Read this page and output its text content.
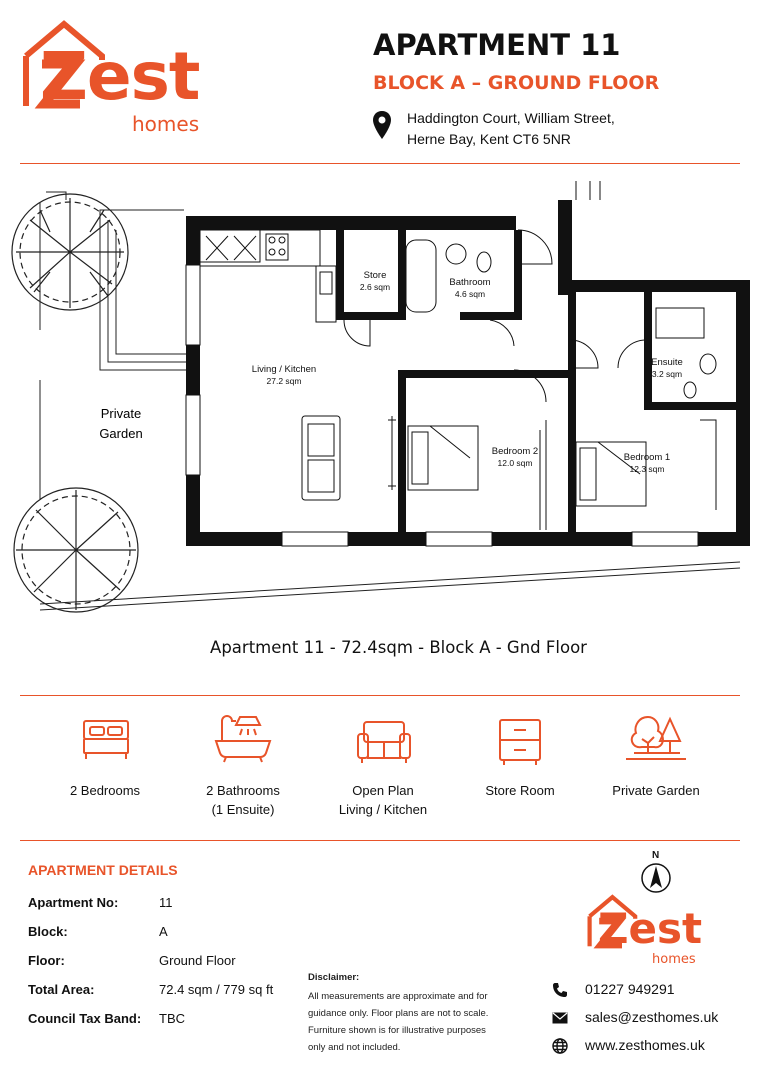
Zest
homes
APARTMENT 11
BLOCK A – GROUND FLOOR
Haddington Court, William Street,
Herne Bay, Kent CT6 5NR
Private
Garden
Store
2.6 sqm	Bathroom
4.6 sqm
Living / Kitchen
27.2 sqm
Ensuite
3.2 sqm
Bedroom 2
12.0 sqm	Bedroom 1
12.3 sqm
Apartment 11 - 72.4sqm - Block A - Gnd Floor
2 Bedrooms	2 Bathrooms
(1 Ensuite)
Open Plan
Living / Kitchen
Store Room	Private Garden
APARTMENT DETAILS
Apartment No:	11
Block:	A
Floor:	Ground Floor
Total Area:	72.4 sqm / 779 sq ft
Council Tax Band: TBC
Disclaimer:
All measurements are approximate and for
guidance only. Floor plans are not to scale.
Furniture shown is for illustrative purposes
only and not included.
N
Zest
homes
01227 949291
sales@zesthomes.uk
www.zesthomes.uk
